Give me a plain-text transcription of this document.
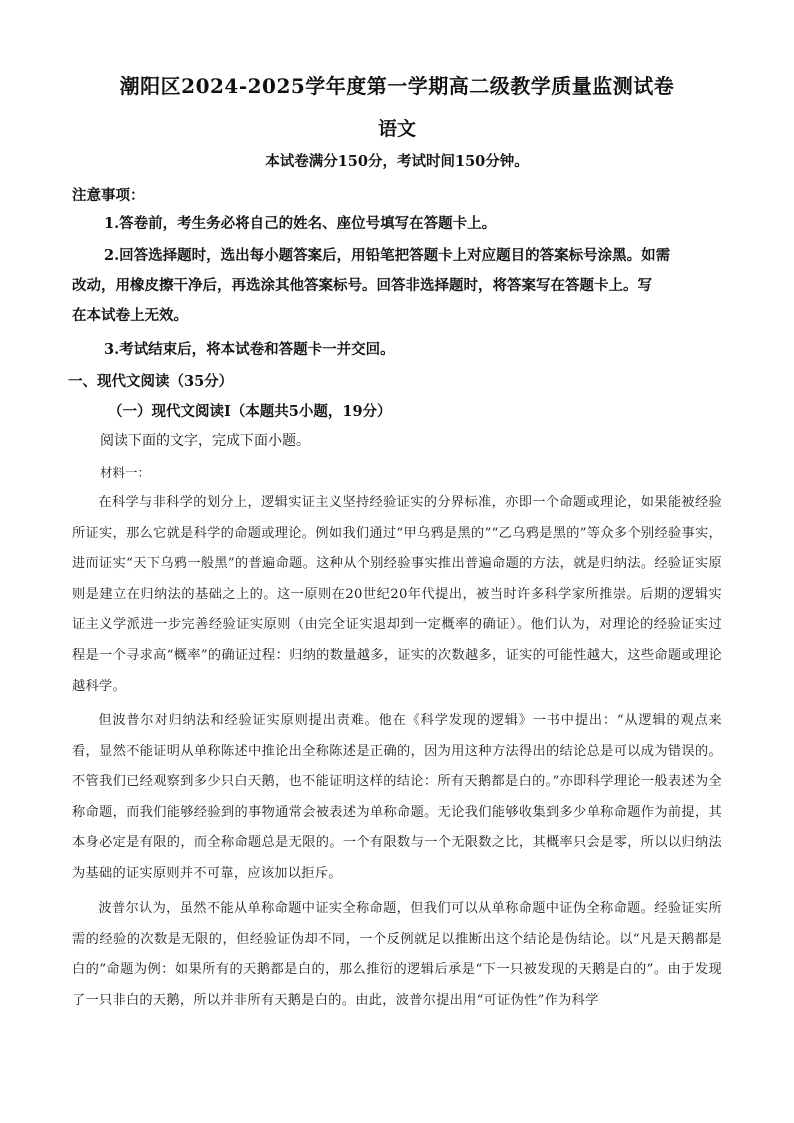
潮阳区2024-2025学年度第一学期高二级教学质量监测试卷
语文
本试卷满分150分，考试时间150分钟。
注意事项：
1.答卷前，考生务必将自己的姓名、座位号填写在答题卡上。
2.回答选择题时，选出每小题答案后，用铅笔把答题卡上对应题目的答案标号涂黑。如需
改动，用橡皮擦干净后，再选涂其他答案标号。回答非选择题时，将答案写在答题卡上。写
在本试卷上无效。
3.考试结束后，将本试卷和答题卡一并交回。
一、现代文阅读（35分）
（一）现代文阅读Ⅰ（本题共5小题，19分）
阅读下面的文字，完成下面小题。
材料一：
在科学与非科学的划分上，逻辑实证主义坚持经验证实的分界标准，亦即一个命题或理论，如果能被经验所证实，那么它就是科学的命题或理论。例如我们通过“甲乌鸦是黑的”“乙乌鸦是黑的”等众多个别经验事实，进而证实“天下乌鸦一般黑”的普遍命题。这种从个别经验事实推出普遍命题的方法，就是归纳法。经验证实原则是建立在归纳法的基础之上的。这一原则在20世纪20年代提出，被当时许多科学家所推崇。后期的逻辑实证主义学派进一步完善经验证实原则（由完全证实退却到一定概率的确证）。他们认为，对理论的经验证实过程是一个寻求高“概率”的确证过程：归纳的数量越多，证实的次数越多，证实的可能性越大，这些命题或理论越科学。
但波普尔对归纳法和经验证实原则提出责难。他在《科学发现的逻辑》一书中提出：“从逻辑的观点来看，显然不能证明从单称陈述中推论出全称陈述是正确的，因为用这种方法得出的结论总是可以成为错误的。不管我们已经观察到多少只白天鹅，也不能证明这样的结论：所有天鹅都是白的。”亦即科学理论一般表述为全称命题，而我们能够经验到的事物通常会被表述为单称命题。无论我们能够收集到多少单称命题作为前提，其本身必定是有限的，而全称命题总是无限的。一个有限数与一个无限数之比，其概率只会是零，所以以归纳法为基础的证实原则并不可靠，应该加以拒斥。
波普尔认为，虽然不能从单称命题中证实全称命题，但我们可以从单称命题中证伪全称命题。经验证实所需的经验的次数是无限的，但经验证伪却不同，一个反例就足以推断出这个结论是伪结论。以“凡是天鹅都是白的”命题为例：如果所有的天鹅都是白的，那么推衍的逻辑后承是“下一只被发现的天鹅是白的”。由于发现了一只非白的天鹅，所以并非所有天鹅是白的。由此，波普尔提出用“可证伪性”作为科学
